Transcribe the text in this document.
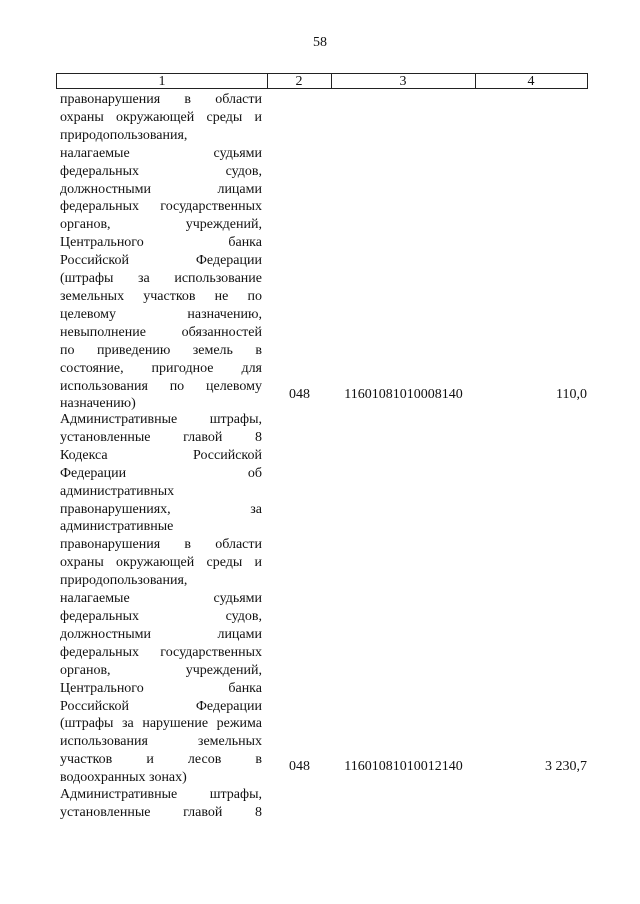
58
1	2	3	4
правонарушения в области
охраны окружающей среды и
природопользования,
налагаемые судьями
федеральных судов,
должностными лицами
федеральных государственных
органов, учреждений,
Центрального банка
Российской Федерации
(штрафы за использование
земельных участков не по
целевому назначению,
невыполнение обязанностей
по приведению земель в
состояние, пригодное для
использования по целевому
назначению)
048	11601081010008140	110,0
Административные штрафы,
установленные главой 8
Кодекса Российской
Федерации об
административных
правонарушениях, за
административные
правонарушения в области
охраны окружающей среды и
природопользования,
налагаемые судьями
федеральных судов,
должностными лицами
федеральных государственных
органов, учреждений,
Центрального банка
Российской Федерации
(штрафы за нарушение режима
использования земельных
участков и лесов в
водоохранных зонах)
048	11601081010012140	3 230,7
Административные штрафы,
установленные главой 8
